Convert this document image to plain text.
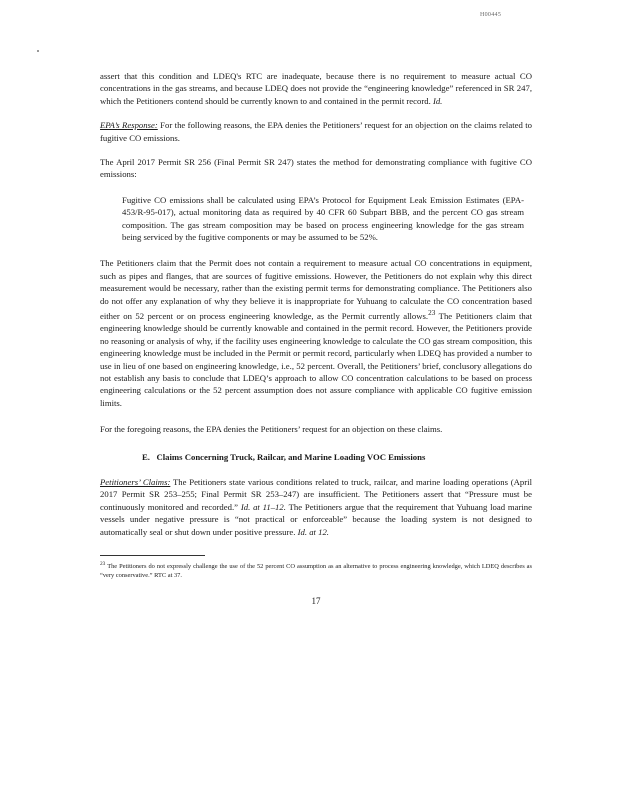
H00445

assert that this condition and LDEQ's RTC are inadequate, because there is no requirement to measure actual CO concentrations in the gas streams, and because LDEQ does not provide the “engineering knowledge” referenced in SR 247, which the Petitioners contend should be currently known to and contained in the permit record. Id.

EPA’s Response: For the following reasons, the EPA denies the Petitioners’ request for an objection on the claims related to fugitive CO emissions.

The April 2017 Permit SR 256 (Final Permit SR 247) states the method for demonstrating compliance with fugitive CO emissions:

Fugitive CO emissions shall be calculated using EPA’s Protocol for Equipment Leak Emission Estimates (EPA-453/R-95-017), actual monitoring data as required by 40 CFR 60 Subpart BBB, and the percent CO gas stream composition. The gas stream composition may be based on process engineering knowledge for the gas stream being serviced by the fugitive components or may be assumed to be 52%.

The Petitioners claim that the Permit does not contain a requirement to measure actual CO concentrations in equipment, such as pipes and flanges, that are sources of fugitive emissions. However, the Petitioners do not explain why this direct measurement would be necessary, rather than the existing permit terms for demonstrating compliance. The Petitioners also do not offer any explanation of why they believe it is inappropriate for Yuhuang to calculate the CO concentration based either on 52 percent or on process engineering knowledge, as the Permit currently allows.$^{23}$ The Petitioners claim that engineering knowledge should be currently knowable and contained in the permit record. However, the Petitioners provide no reasoning or analysis of why, if the facility uses engineering knowledge to calculate the CO gas stream composition, this engineering knowledge must be included in the Permit or permit record, particularly when LDEQ has provided a number to use in lieu of one based on engineering knowledge, i.e., 52 percent. Overall, the Petitioners’ brief, conclusory allegations do not establish any basis to conclude that LDEQ’s approach to allow CO concentration calculations to be based on process engineering calculations or the 52 percent assumption does not assure compliance with applicable CO fugitive emission limits.

For the foregoing reasons, the EPA denies the Petitioners’ request for an objection on these claims.

E. Claims Concerning Truck, Railcar, and Marine Loading VOC Emissions

Petitioners’ Claims: The Petitioners state various conditions related to truck, railcar, and marine loading operations (April 2017 Permit SR 253–255; Final Permit SR 253–247) are insufficient. The Petitioners assert that “Pressure must be continuously monitored and recorded.” Id. at 11–12. The Petitioners argue that the requirement that Yuhuang load marine vessels under negative pressure is “not practical or enforceable” because the loading system is not designed to automatically seal or shut down under positive pressure. Id. at 12.

$^{23}$ The Petitioners do not expressly challenge the use of the 52 percent CO assumption as an alternative to process engineering knowledge, which LDEQ describes as “very conservative.” RTC at 37.

17
